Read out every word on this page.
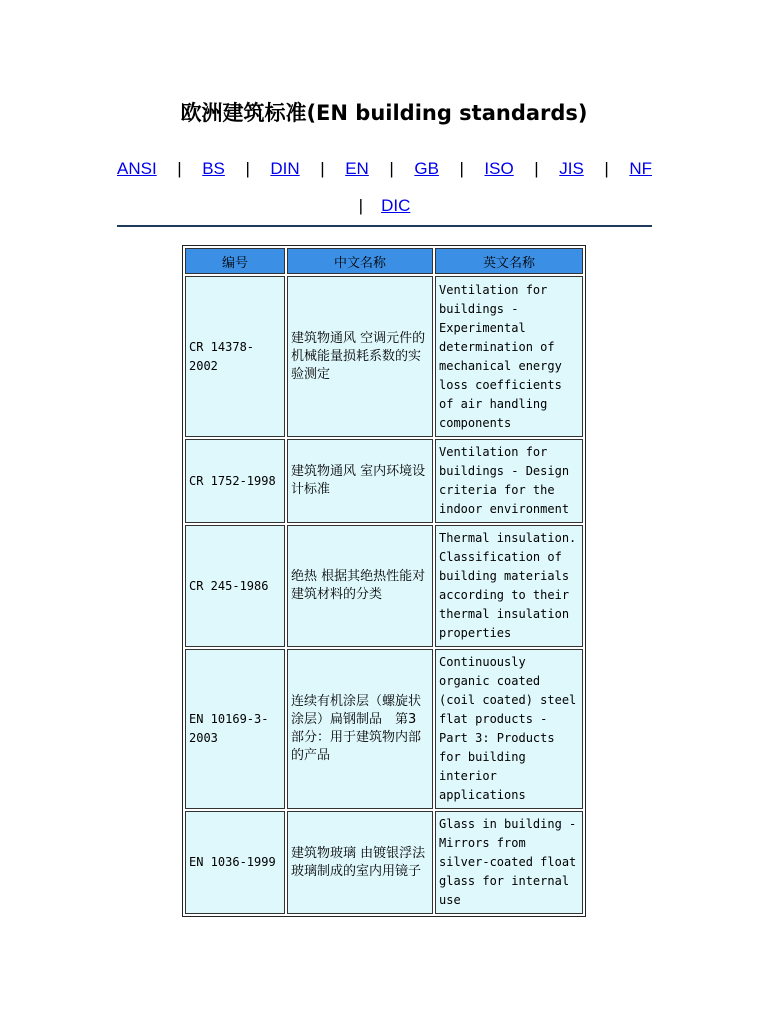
欧洲建筑标准(EN building standards)
ANSI | BS | DIN | EN | GB | ISO | JIS | NF
| DIC
编号	中文名称	英文名称
CR 14378-2002	建筑物通风 空调元件的机械能量损耗系数的实验测定	Ventilation for buildings - Experimental determination of mechanical energy loss coefficients of air handling components
CR 1752-1998	建筑物通风 室内环境设计标准	Ventilation for buildings - Design criteria for the indoor environment
CR 245-1986	绝热 根据其绝热性能对建筑材料的分类	Thermal insulation. Classification of building materials according to their thermal insulation properties
EN 10169-3-2003	连续有机涂层（螺旋状涂层）扁钢制品　第3部分：用于建筑物内部的产品	Continuously organic coated (coil coated) steel flat products - Part 3: Products for building interior applications
EN 1036-1999	建筑物玻璃 由镀银浮法玻璃制成的室内用镜子	Glass in building - Mirrors from silver-coated float glass for internal use
